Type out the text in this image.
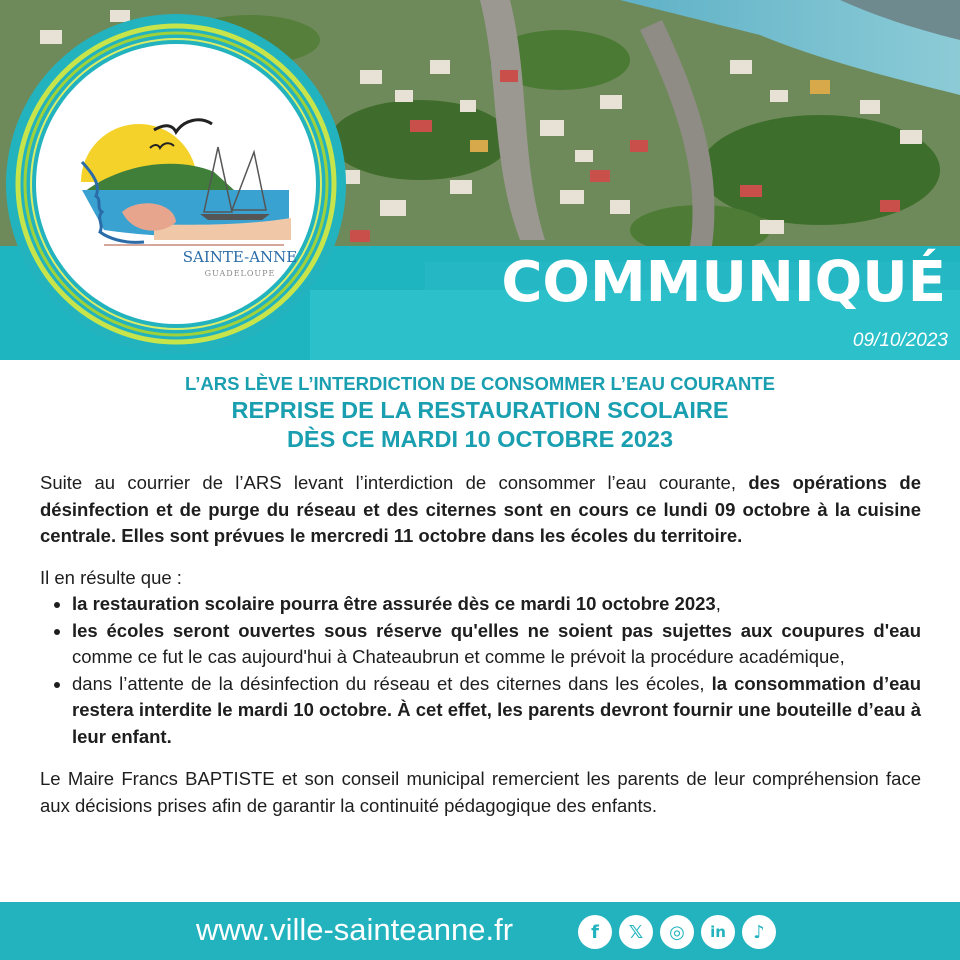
SAINTE-ANNE
GUADELOUPE	COMMUNIQUÉ
09/10/2023
L’ARS LÈVE L’INTERDICTION DE CONSOMMER L’EAU COURANTE
REPRISE DE LA RESTAURATION SCOLAIRE
DÈS CE MARDI 10 OCTOBRE 2023

Suite au courrier de l’ARS levant l’interdiction de consommer l’eau courante, des opérations de désinfection et de purge du réseau et des citernes sont en cours ce lundi 09 octobre à la cuisine centrale. Elles sont prévues le mercredi 11 octobre dans les écoles du territoire.

Il en résulte que :

• la restauration scolaire pourra être assurée dès ce mardi 10 octobre 2023,
• les écoles seront ouvertes sous réserve qu'elles ne soient pas sujettes aux coupures d'eau comme ce fut le cas aujourd'hui à Chateaubrun et comme le prévoit la procédure académique,
• dans l’attente de la désinfection du réseau et des citernes dans les écoles, la consommation d’eau restera interdite le mardi 10 octobre. À cet effet, les parents devront fournir une bouteille d’eau à leur enfant.

Le Maire Francs BAPTISTE et son conseil municipal remercient les parents de leur compréhension face aux décisions prises afin de garantir la continuité pédagogique des enfants.

www.ville-sainteanne.fr	f	𝕏	◎	in	♪
